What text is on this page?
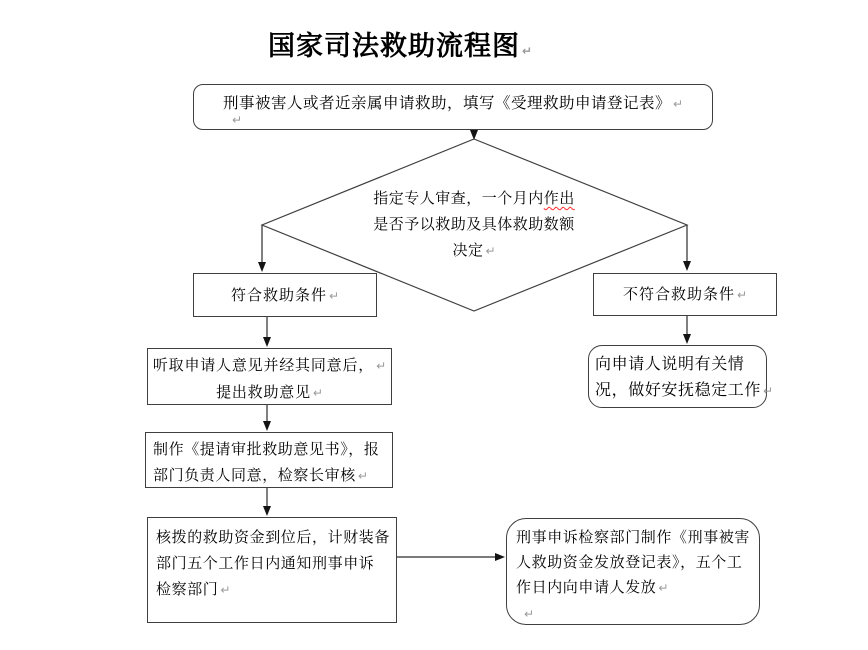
国家司法救助流程图 ↵
刑事被害人或者近亲属申请救助，填写《受理救助申请登记表》 ↵
↵
指定专人审查，一个月内作出
是否予以救助及具体救助数额
决定 ↵
符合救助条件 ↵	不符合救助条件 ↵
听取申请人意见并经其同意后， ↵
提出救助意见 ↵
制作《提请审批救助意见书》，报
部门负责人同意，检察长审核 ↵
核拨的救助资金到位后，计财装备
部门五个工作日内通知刑事申诉
检察部门 ↵
向申请人说明有关情
况，做好安抚稳定工作 ↵
刑事申诉检察部门制作《刑事被害
人救助资金发放登记表》，五个工
作日内向申请人发放 ↵
↵
